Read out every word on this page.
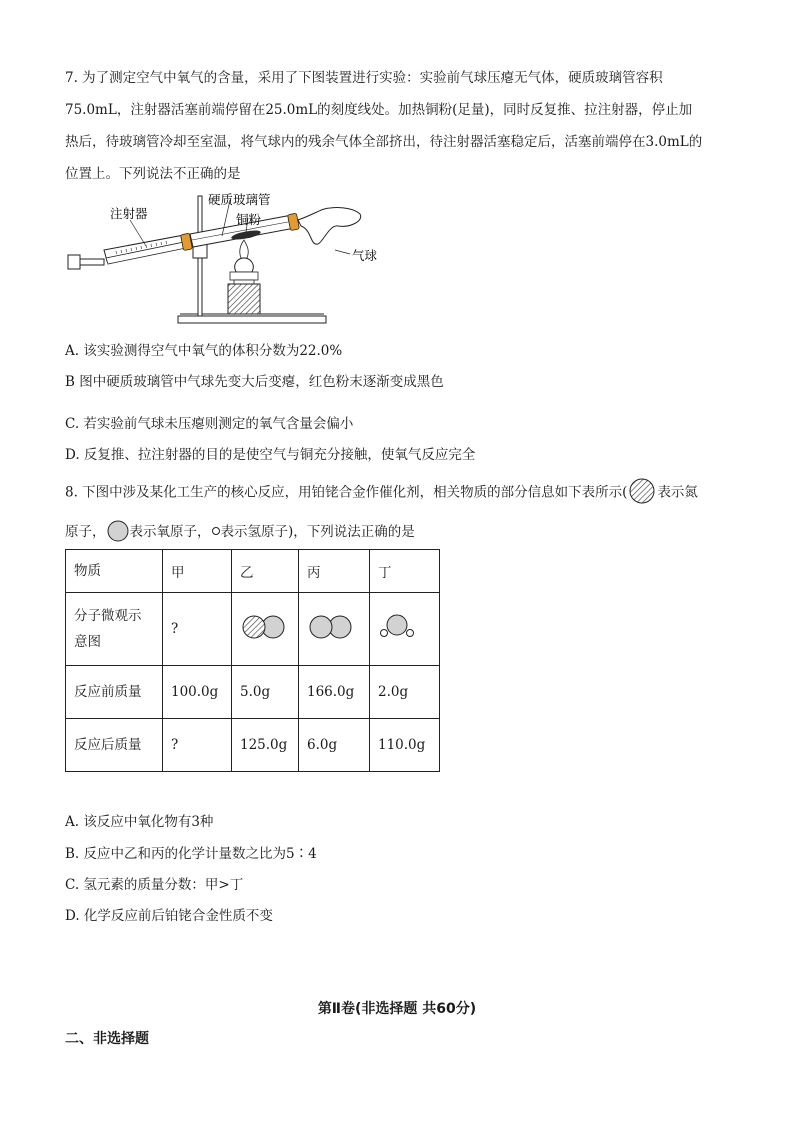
7. 为了测定空气中氧气的含量，采用了下图装置进行实验：实验前气球压瘪无气体，硬质玻璃管容积
75.0mL，注射器活塞前端停留在25.0mL的刻度线处。加热铜粉(足量)，同时反复推、拉注射器，停止加
热后，待玻璃管冷却至室温，将气球内的残余气体全部挤出，待注射器活塞稳定后，活塞前端停在3.0mL的
位置上。下列说法不正确的是
注射器
硬质玻璃管
铜粉
气球
A. 该实验测得空气中氧气的体积分数为22.0%
B 图中硬质玻璃管中气球先变大后变瘪，红色粉末逐渐变成黑色
C. 若实验前气球未压瘪则测定的氧气含量会偏小
D. 反复推、拉注射器的目的是使空气与铜充分接触，使氧气反应完全
8. 下图中涉及某化工生产的核心反应，用铂铑合金作催化剂，相关物质的部分信息如下表所示( 表示氮
原子， 表示氧原子， 表示氢原子)，下列说法正确的是
物质	甲	乙	丙	丁
分子微观示意图	?			
反应前质量	100.0g	5.0g	166.0g	2.0g
反应后质量	?	125.0g	6.0g	110.0g
A. 该反应中氧化物有3种
B. 反应中乙和丙的化学计量数之比为5∶4
C. 氢元素的质量分数：甲>丁
D. 化学反应前后铂铑合金性质不变
第Ⅱ卷(非选择题 共60分)
二、非选择题
